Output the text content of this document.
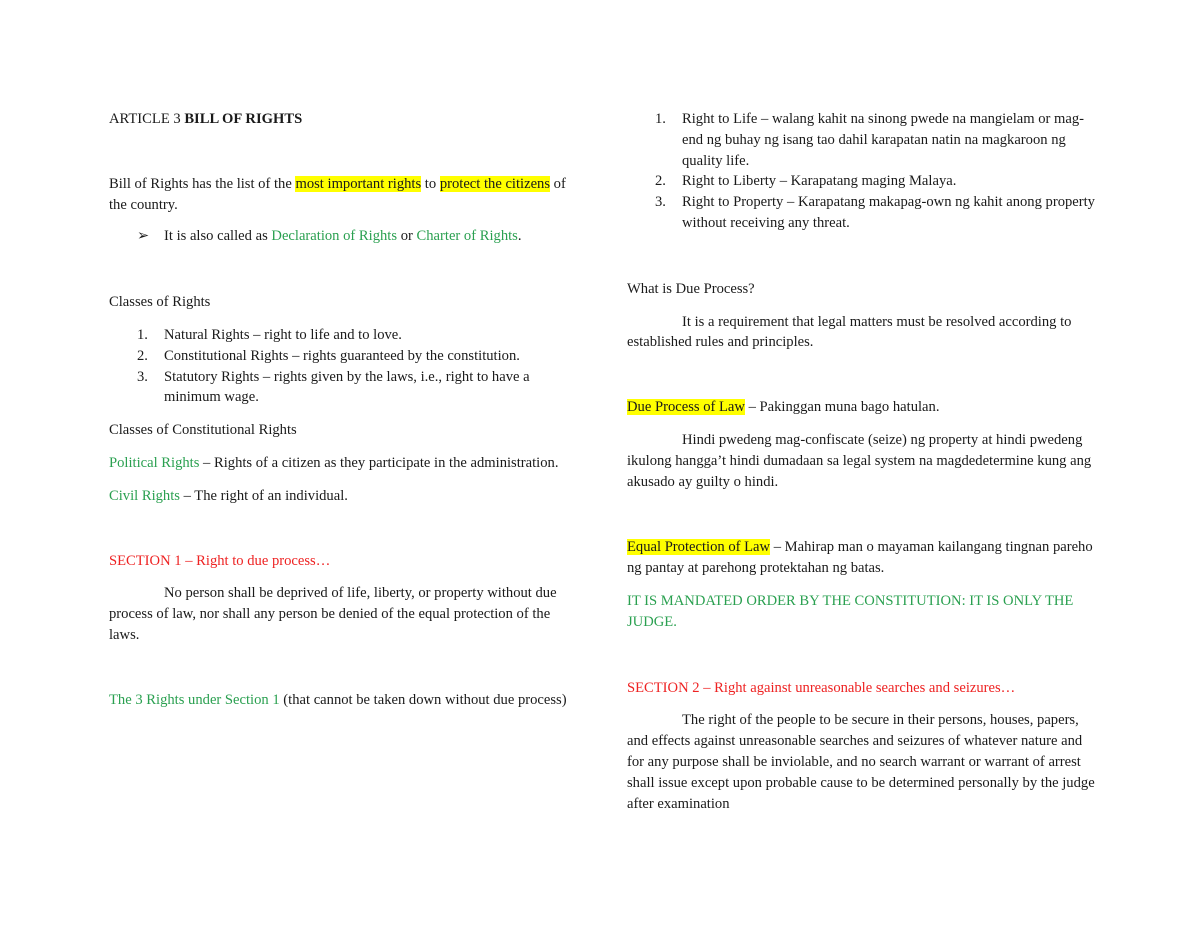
ARTICLE 3 BILL OF RIGHTS

Bill of Rights has the list of the most important rights to protect the citizens of the country.

➢ It is also called as Declaration of Rights or Charter of Rights.

Classes of Rights

1. Natural Rights – right to life and to love.
2. Constitutional Rights – rights guaranteed by the constitution.
3. Statutory Rights – rights given by the laws, i.e., right to have a minimum wage.

Classes of Constitutional Rights

Political Rights – Rights of a citizen as they participate in the administration.

Civil Rights – The right of an individual.

SECTION 1 – Right to due process…

No person shall be deprived of life, liberty, or property without due process of law, nor shall any person be denied of the equal protection of the laws.

The 3 Rights under Section 1 (that cannot be taken down without due process)

1. Right to Life – walang kahit na sinong pwede na mangielam or mag-end ng buhay ng isang tao dahil karapatan natin na magkaroon ng quality life.
2. Right to Liberty – Karapatang maging Malaya.
3. Right to Property – Karapatang makapag-own ng kahit anong property without receiving any threat.

What is Due Process?

It is a requirement that legal matters must be resolved according to established rules and principles.

Due Process of Law – Pakinggan muna bago hatulan.

Hindi pwedeng mag-confiscate (seize) ng property at hindi pwedeng ikulong hangga’t hindi dumadaan sa legal system na magdedetermine kung ang akusado ay guilty o hindi.

Equal Protection of Law – Mahirap man o mayaman kailangang tingnan pareho ng pantay at parehong protektahan ng batas.

IT IS MANDATED ORDER BY THE CONSTITUTION: IT IS ONLY THE JUDGE.

SECTION 2 – Right against unreasonable searches and seizures…

The right of the people to be secure in their persons, houses, papers, and effects against unreasonable searches and seizures of whatever nature and for any purpose shall be inviolable, and no search warrant or warrant of arrest shall issue except upon probable cause to be determined personally by the judge after examination
